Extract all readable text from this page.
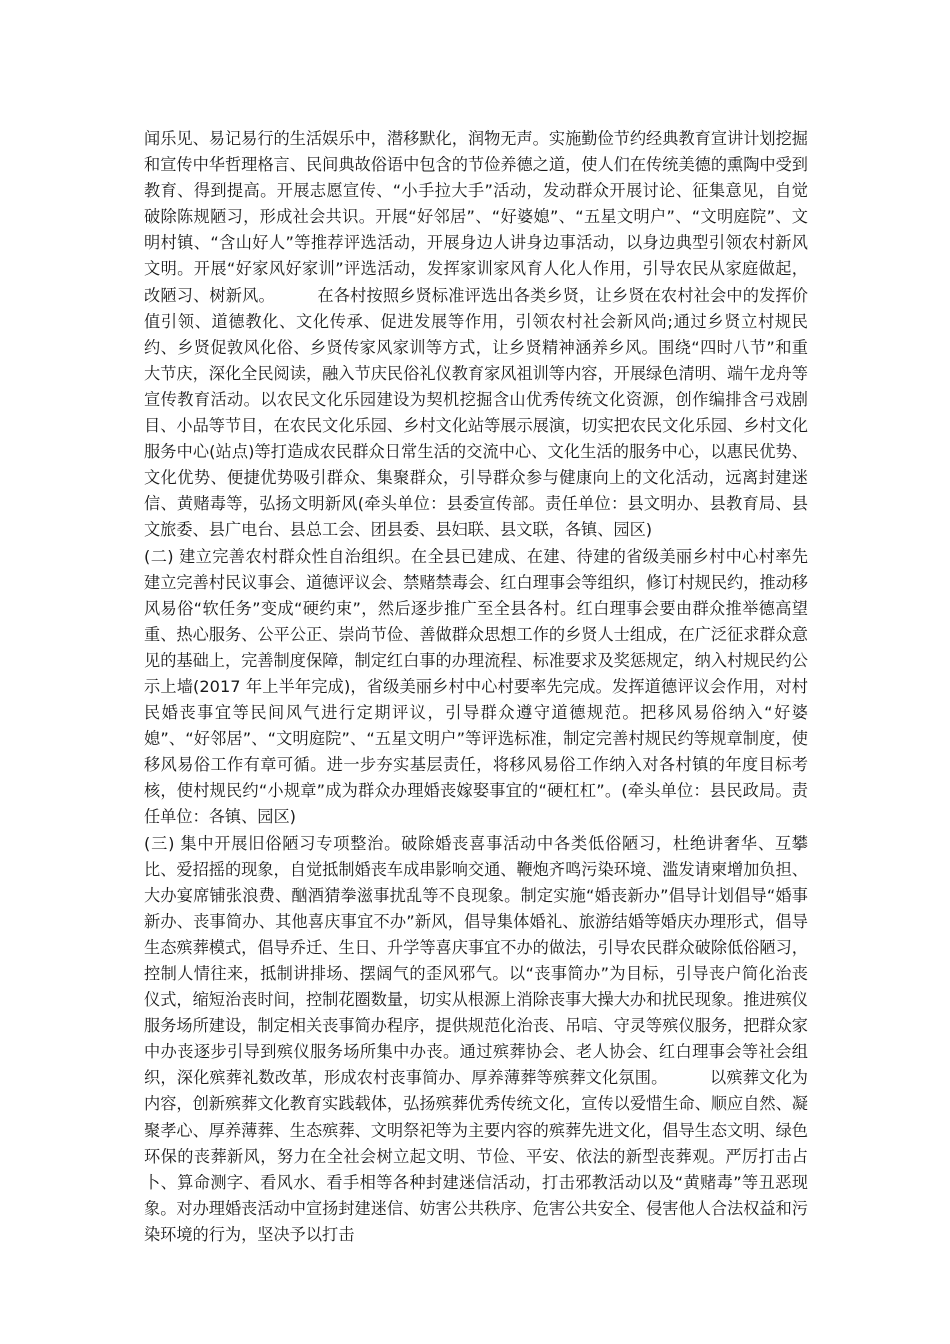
闻乐见、易记易行的生活娱乐中，潜移默化，润物无声。实施勤俭节约经典教育宣讲计划挖掘和宣传中华哲理格言、民间典故俗语中包含的节俭养德之道，使人们在传统美德的熏陶中受到教育、得到提高。开展志愿宣传、“小手拉大手”活动，发动群众开展讨论、征集意见，自觉破除陈规陋习，形成社会共识。开展“好邻居”、“好婆媳”、“五星文明户”、“文明庭院”、文明村镇、“含山好人”等推荐评选活动，开展身边人讲身边事活动，以身边典型引领农村新风文明。开展“好家风好家训”评选活动，发挥家训家风育人化人作用，引导农民从家庭做起，改陋习、树新风。        在各村按照乡贤标准评选出各类乡贤，让乡贤在农村社会中的发挥价值引领、道德教化、文化传承、促进发展等作用，引领农村社会新风尚;通过乡贤立村规民约、乡贤促敦风化俗、乡贤传家风家训等方式，让乡贤精神涵养乡风。围绕“四时八节”和重大节庆，深化全民阅读，融入节庆民俗礼仪教育家风祖训等内容，开展绿色清明、端午龙舟等宣传教育活动。以农民文化乐园建设为契机挖掘含山优秀传统文化资源，创作编排含弓戏剧目、小品等节目，在农民文化乐园、乡村文化站等展示展演，切实把农民文化乐园、乡村文化服务中心(站点)等打造成农民群众日常生活的交流中心、文化生活的服务中心，以惠民优势、文化优势、便捷优势吸引群众、集聚群众，引导群众参与健康向上的文化活动，远离封建迷信、黄赌毒等，弘扬文明新风(牵头单位：县委宣传部。责任单位：县文明办、县教育局、县文旅委、县广电台、县总工会、团县委、县妇联、县文联，各镇、园区)

(二) 建立完善农村群众性自治组织。在全县已建成、在建、待建的省级美丽乡村中心村率先建立完善村民议事会、道德评议会、禁赌禁毒会、红白理事会等组织，修订村规民约，推动移风易俗“软任务”变成“硬约束”，然后逐步推广至全县各村。红白理事会要由群众推举德高望重、热心服务、公平公正、崇尚节俭、善做群众思想工作的乡贤人士组成，在广泛征求群众意见的基础上，完善制度保障，制定红白事的办理流程、标准要求及奖惩规定，纳入村规民约公示上墙(2017 年上半年完成)，省级美丽乡村中心村要率先完成。发挥道德评议会作用，对村民婚丧事宜等民间风气进行定期评议，引导群众遵守道德规范。把移风易俗纳入“好婆媳”、“好邻居”、“文明庭院”、“五星文明户”等评选标准，制定完善村规民约等规章制度，使移风易俗工作有章可循。进一步夯实基层责任，将移风易俗工作纳入对各村镇的年度目标考核，使村规民约“小规章”成为群众办理婚丧嫁娶事宜的“硬杠杠”。(牵头单位：县民政局。责任单位：各镇、园区)

(三) 集中开展旧俗陋习专项整治。破除婚丧喜事活动中各类低俗陋习，杜绝讲奢华、互攀比、爱招摇的现象，自觉抵制婚丧车成串影响交通、鞭炮齐鸣污染环境、滥发请柬增加负担、大办宴席铺张浪费、酗酒猜拳滋事扰乱等不良现象。制定实施“婚丧新办”倡导计划倡导“婚事新办、丧事简办、其他喜庆事宜不办”新风，倡导集体婚礼、旅游结婚等婚庆办理形式，倡导生态殡葬模式，倡导乔迁、生日、升学等喜庆事宜不办的做法，引导农民群众破除低俗陋习，控制人情往来，抵制讲排场、摆阔气的歪风邪气。以“丧事简办”为目标，引导丧户简化治丧仪式，缩短治丧时间，控制花圈数量，切实从根源上消除丧事大操大办和扰民现象。推进殡仪服务场所建设，制定相关丧事简办程序，提供规范化治丧、吊唁、守灵等殡仪服务，把群众家中办丧逐步引导到殡仪服务场所集中办丧。通过殡葬协会、老人协会、红白理事会等社会组织，深化殡葬礼数改革，形成农村丧事简办、厚养薄葬等殡葬文化氛围。        以殡葬文化为内容，创新殡葬文化教育实践载体，弘扬殡葬优秀传统文化，宣传以爱惜生命、顺应自然、凝聚孝心、厚养薄葬、生态殡葬、文明祭祀等为主要内容的殡葬先进文化，倡导生态文明、绿色环保的丧葬新风，努力在全社会树立起文明、节俭、平安、依法的新型丧葬观。严厉打击占卜、算命测字、看风水、看手相等各种封建迷信活动，打击邪教活动以及“黄赌毒”等丑恶现象。对办理婚丧活动中宣扬封建迷信、妨害公共秩序、危害公共安全、侵害他人合法权益和污染环境的行为，坚决予以打击
